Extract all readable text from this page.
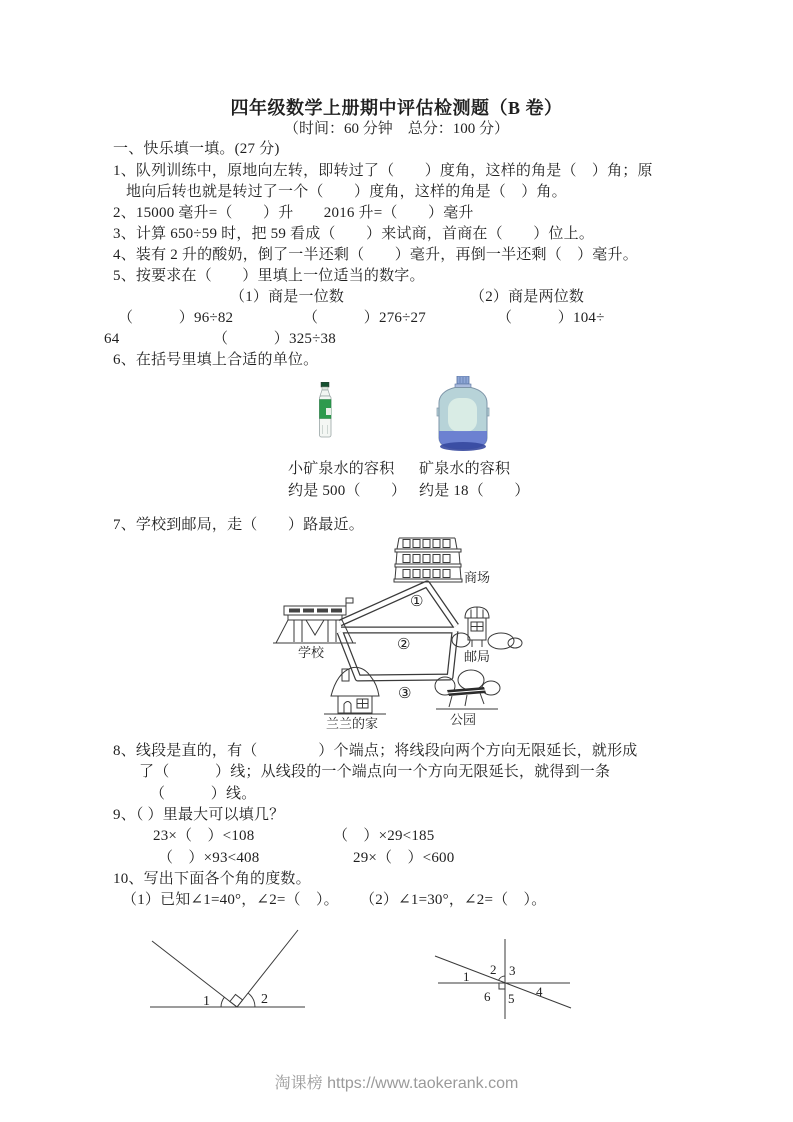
四年级数学上册期中评估检测题（B 卷）
（时间：60 分钟　总分：100 分）
一、快乐填一填。(27 分)
1、队列训练中，原地向左转，即转过了（　　）度角，这样的角是（　）角；原
地向后转也就是转过了一个（　　）度角，这样的角是（　）角。
2、15000 毫升=（　　）升　　2016 升=（　　）毫升
3、计算 650÷59 时，把 59 看成（　　）来试商，首商在（　　）位上。
4、装有 2 升的酸奶，倒了一半还剩（　　）毫升，再倒一半还剩（　）毫升。
5、按要求在（　　）里填上一位适当的数字。
（1）商是一位数	（2）商是两位数
（　　　）96÷82	（　　　）276÷27	（　　　）104÷
64	（　　　）325÷38
6、在括号里填上合适的单位。
小矿泉水的容积
约是 500（　　）
矿泉水的容积
约是 18（　　）
7、学校到邮局，走（　　）路最近。
商场
学校	邮局
兰兰的家	公园
①
②
③
8、线段是直的，有（　　　　）个端点；将线段向两个方向无限延长，就形成
了（　　　）线；从线段的一个端点向一个方向无限延长，就得到一条
（　　　）线。
9、（ ）里最大可以填几？
23×（　）<108	（　）×29<185
（　）×93<408	29×（　）<600
10、写出下面各个角的度数。
（1）已知∠1=40°，∠2=（　）。 （2）∠1=30°，∠2=（　）。
1	2
1 2 3
4
5
6
淘课榜 https://www.taokerank.com
